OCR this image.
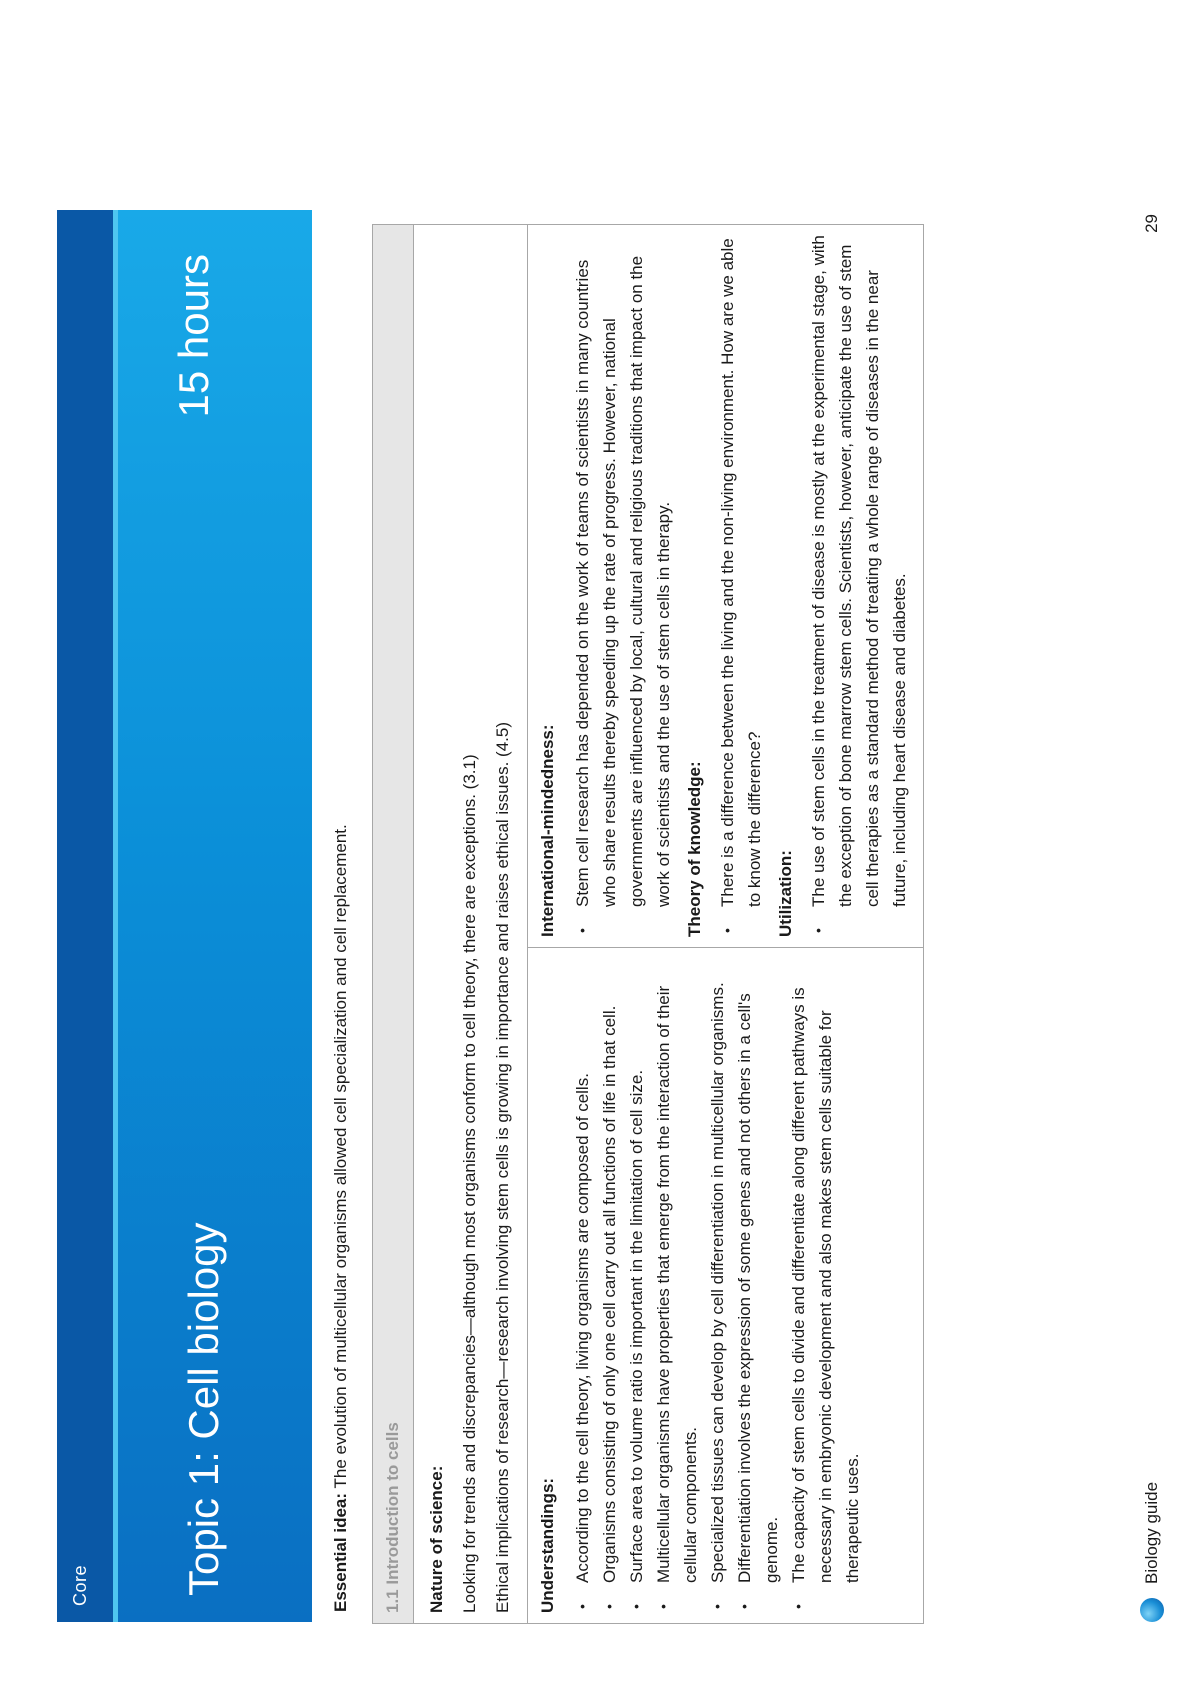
Core Topic 1: Cell biology
15 hours
Essential idea: The evolution of multicellular organisms allowed cell specialization and cell replacement.
1.1 Introduction to cells	Nature of science: Looking for trends and discrepancies—although most organisms conform to cell theory, there are exceptions. (3.1) Ethical implications of research—research involving stem cells is growing in importance and raises ethical issues. (4.5)	Understandings: • According to the cell theory, living organisms are composed of cells. • Organisms consisting of only one cell carry out all functions of life in that cell. • Surface area to volume ratio is important in the limitation of cell size. • Multicellular organisms have properties that emerge from the interaction of their cellular components. • Specialized tissues can develop by cell differentiation in multicellular organisms. • Differentiation involves the expression of some genes and not others in a cell's genome. • The capacity of stem cells to divide and differentiate along different pathways is necessary in embryonic development and also makes stem cells suitable for therapeutic uses.
International-mindedness: • Stem cell research has depended on the work of teams of scientists in many countries who share results thereby speeding up the rate of progress. However, national governments are influenced by local, cultural and religious traditions that impact on the work of scientists and the use of stem cells in therapy. Theory of knowledge: • There is a difference between the living and the non-living environment. How are we able to know the difference? Utilization: • The use of stem cells in the treatment of disease is mostly at the experimental stage, with the exception of bone marrow stem cells. Scientists, however, anticipate the use of stem cell therapies as a standard method of treating a whole range of diseases in the near future, including heart disease and diabetes.
Biology guide
29
